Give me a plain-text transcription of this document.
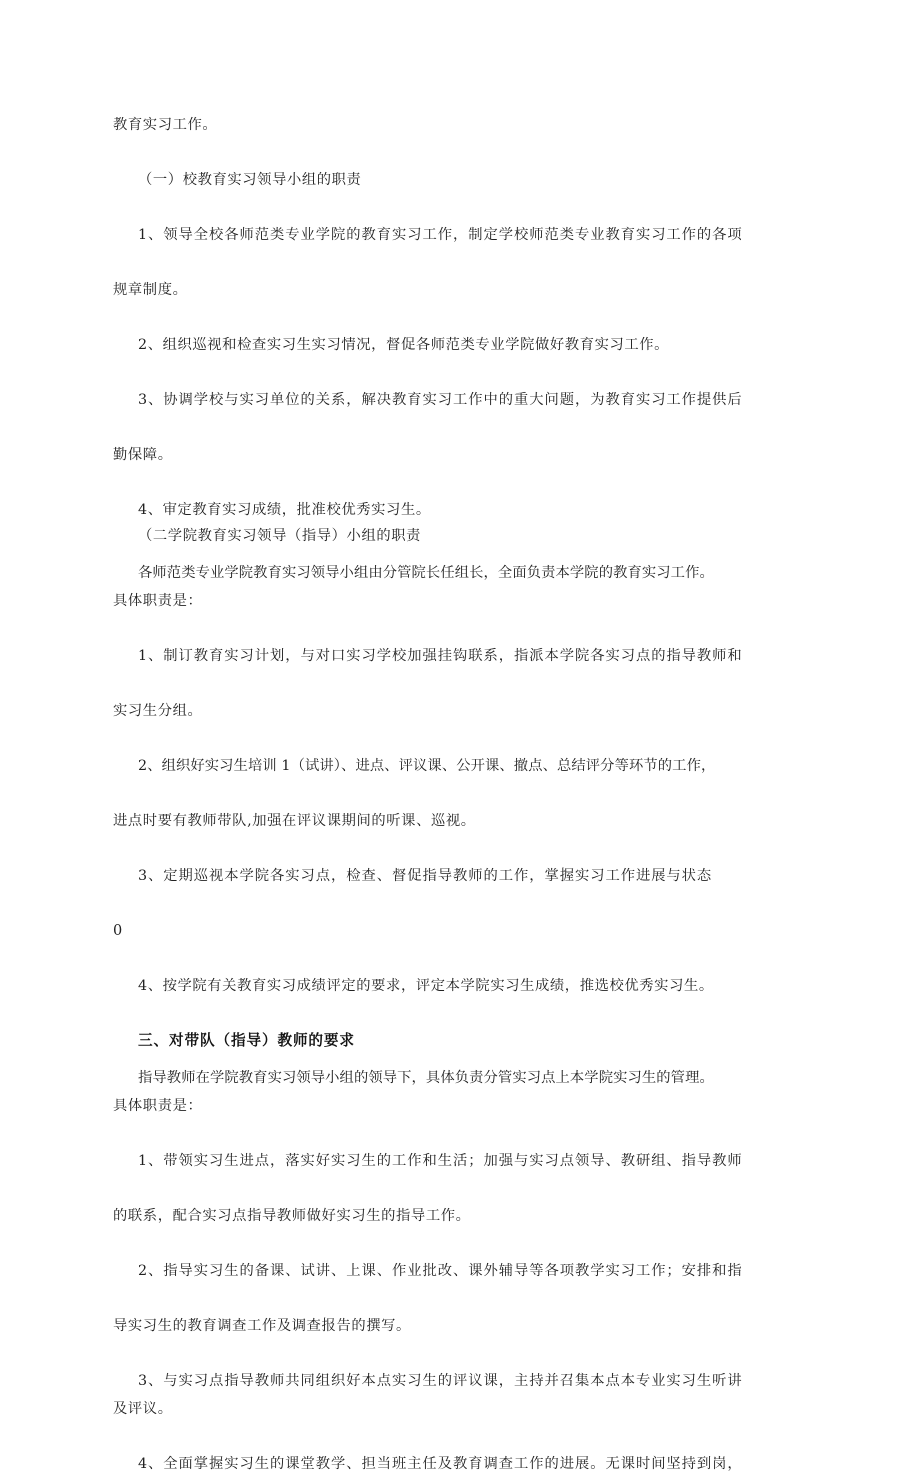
教育实习工作。
（一）校教育实习领导小组的职责
1、领导全校各师范类专业学院的教育实习工作，制定学校师范类专业教育实习工作的各项
规章制度。
2、组织巡视和检查实习生实习情况，督促各师范类专业学院做好教育实习工作。
3、协调学校与实习单位的关系，解决教育实习工作中的重大问题，为教育实习工作提供后
勤保障。
4、审定教育实习成绩，批准校优秀实习生。
（二学院教育实习领导（指导）小组的职责
各师范类专业学院教育实习领导小组由分管院长任组长，全面负责本学院的教育实习工作。
具体职责是：
1、制订教育实习计划，与对口实习学校加强挂钩联系，指派本学院各实习点的指导教师和
实习生分组。
2、组织好实习生培训 1（试讲）、进点、评议课、公开课、撤点、总结评分等环节的工作，
进点时要有教师带队,加强在评议课期间的听课、巡视。
3、定期巡视本学院各实习点，检查、督促指导教师的工作，掌握实习工作进展与状态
0
4、按学院有关教育实习成绩评定的要求，评定本学院实习生成绩，推选校优秀实习生。
三、对带队（指导）教师的要求
指导教师在学院教育实习领导小组的领导下，具体负责分管实习点上本学院实习生的管理。
具体职责是：
1、带领实习生进点，落实好实习生的工作和生活；加强与实习点领导、教研组、指导教师
的联系，配合实习点指导教师做好实习生的指导工作。
2、指导实习生的备课、试讲、上课、作业批改、课外辅导等各项教学实习工作；安排和指
导实习生的教育调查工作及调查报告的撰写。
3、与实习点指导教师共同组织好本点实习生的评议课，主持并召集本点本专业实习生听讲
及评议。
4、全面掌握实习生的课堂教学、担当班主任及教育调查工作的进展。无课时间坚持到岗，
